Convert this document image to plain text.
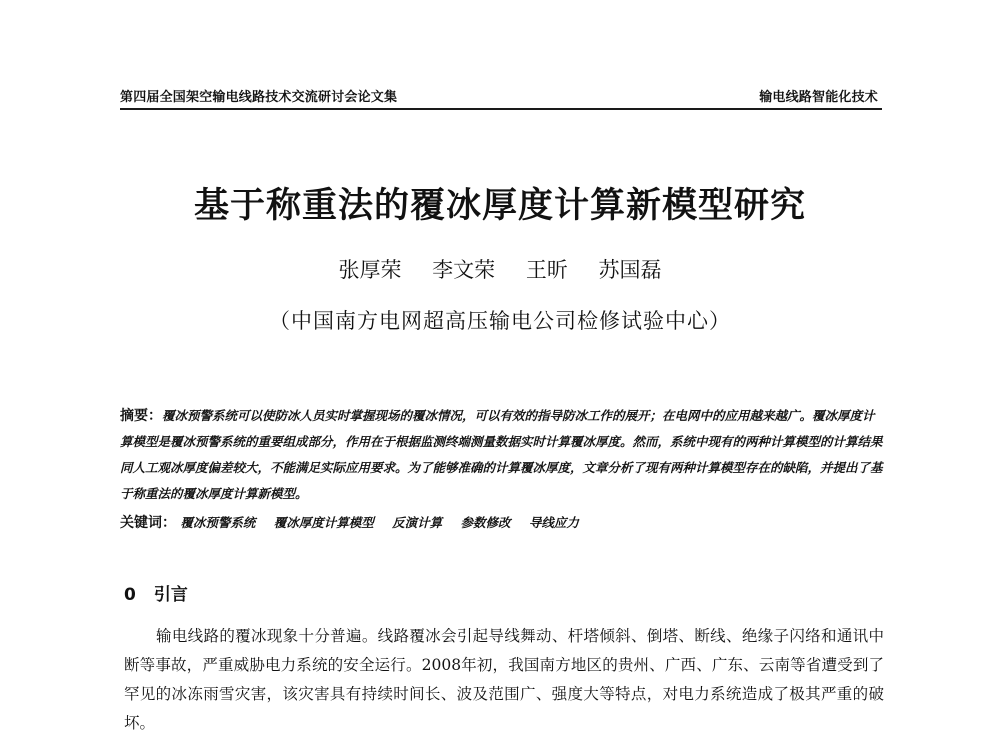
第四届全国架空输电线路技术交流研讨会论文集	输电线路智能化技术
基于称重法的覆冰厚度计算新模型研究
张厚荣 李文荣 王昕 苏国磊
（中国南方电网超高压输电公司检修试验中心）
摘要：覆冰预警系统可以使防冰人员实时掌握现场的覆冰情况，可以有效的指导防冰工作的展开；在电网中的应用越来越广。覆冰厚度计算模型是覆冰预警系统的重要组成部分，作用在于根据监测终端测量数据实时计算覆冰厚度。然而，系统中现有的两种计算模型的计算结果同人工观冰厚度偏差较大，不能满足实际应用要求。为了能够准确的计算覆冰厚度，文章分析了现有两种计算模型存在的缺陷，并提出了基于称重法的覆冰厚度计算新模型。
关键词： 覆冰预警系统 覆冰厚度计算模型 反演计算 参数修改 导线应力
0 引言
输电线路的覆冰现象十分普遍。线路覆冰会引起导线舞动、杆塔倾斜、倒塔、断线、绝缘子闪络和通讯中断等事故，严重威胁电力系统的安全运行。2008年初，我国南方地区的贵州、广西、广东、云南等省遭受到了罕见的冰冻雨雪灾害，该灾害具有持续时间长、波及范围广、强度大等特点，对电力系统造成了极其严重的破坏。
